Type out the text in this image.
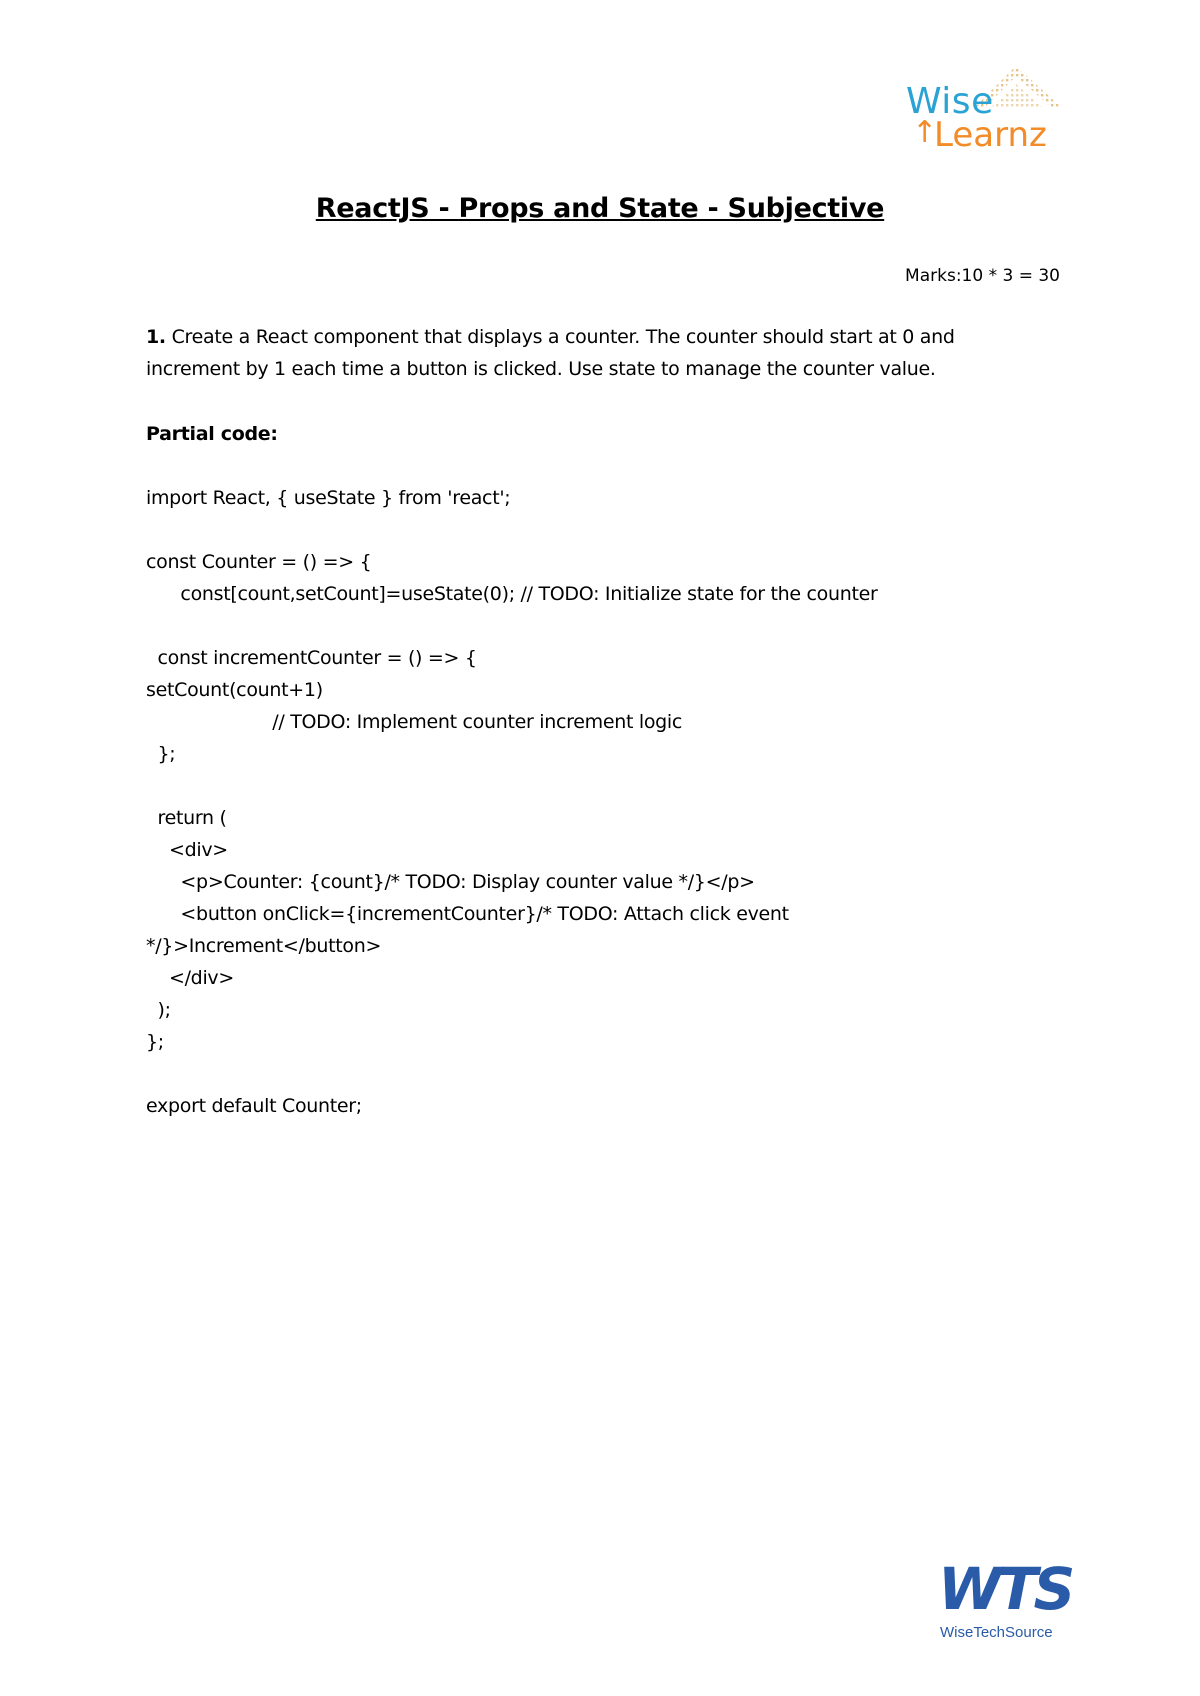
Wise
↑
Learnz
ReactJS - Props and State - Subjective
Marks:10 * 3 = 30
1. Create a React component that displays a counter. The counter should start at 0 and
increment by 1 each time a button is clicked. Use state to manage the counter value.
Partial code:
import React, { useState } from 'react';
const Counter = () => {
const[count,setCount]=useState(0); // TODO: Initialize state for the counter
const incrementCounter = () => {
setCount(count+1)
// TODO: Implement counter increment logic
};
return (
<div>
<p>Counter: {count}/* TODO: Display counter value */}</p>
<button onClick={incrementCounter}/* TODO: Attach click event
*/}>Increment</button>
</div>
);
};
export default Counter;
WTS
WiseTechSource
